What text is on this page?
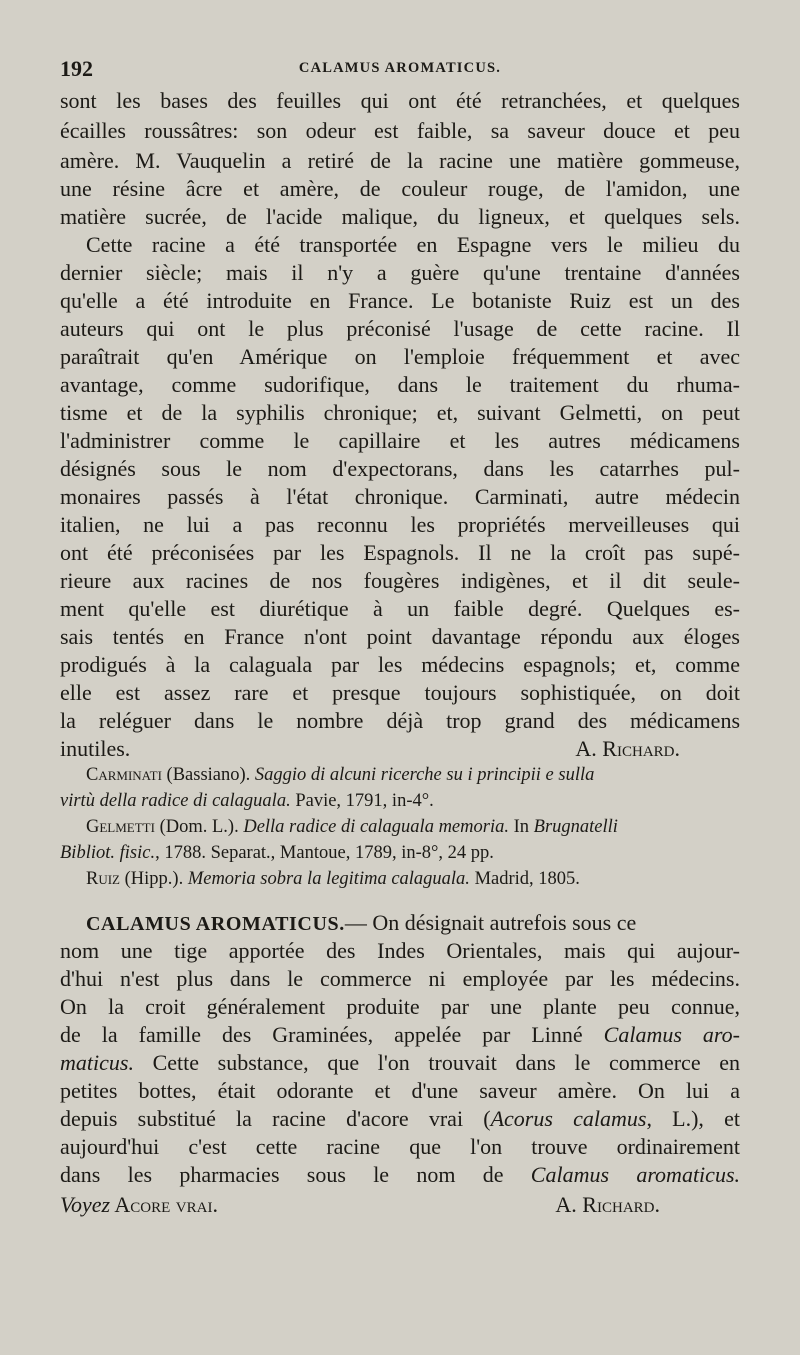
192	CALAMUS AROMATICUS.
sont les bases des feuilles qui ont été retranchées, et quelques
écailles roussâtres: son odeur est faible, sa saveur douce et peu
amère. M. Vauquelin a retiré de la racine une matière gommeuse,
une résine âcre et amère, de couleur rouge, de l'amidon, une
matière sucrée, de l'acide malique, du ligneux, et quelques sels.
Cette racine a été transportée en Espagne vers le milieu du
dernier siècle; mais il n'y a guère qu'une trentaine d'années
qu'elle a été introduite en France. Le botaniste Ruiz est un des
auteurs qui ont le plus préconisé l'usage de cette racine. Il
paraîtrait qu'en Amérique on l'emploie fréquemment et avec
avantage, comme sudorifique, dans le traitement du rhuma-
tisme et de la syphilis chronique; et, suivant Gelmetti, on peut
l'administrer comme le capillaire et les autres médicamens
désignés sous le nom d'expectorans, dans les catarrhes pul-
monaires passés à l'état chronique. Carminati, autre médecin
italien, ne lui a pas reconnu les propriétés merveilleuses qui
ont été préconisées par les Espagnols. Il ne la croît pas supé-
rieure aux racines de nos fougères indigènes, et il dit seule-
ment qu'elle est diurétique à un faible degré. Quelques es-
sais tentés en France n'ont point davantage répondu aux éloges
prodigués à la calaguala par les médecins espagnols; et, comme
elle est assez rare et presque toujours sophistiquée, on doit
la reléguer dans le nombre déjà trop grand des médicamens
inutiles.	A. Richard.
Carminati (Bassiano). Saggio di alcuni ricerche su i principii e sulla
virtù della radice di calaguala. Pavie, 1791, in-4°.
Gelmetti (Dom. L.). Della radice di calaguala memoria. In Brugnatelli
Bibliot. fisic., 1788. Separat., Mantoue, 1789, in-8°, 24 pp.
Ruiz (Hipp.). Memoria sobra la legitima calaguala. Madrid, 1805.
CALAMUS AROMATICUS.— On désignait autrefois sous ce
nom une tige apportée des Indes Orientales, mais qui aujour-
d'hui n'est plus dans le commerce ni employée par les médecins.
On la croit généralement produite par une plante peu connue,
de la famille des Graminées, appelée par Linné Calamus aro-
maticus. Cette substance, que l'on trouvait dans le commerce en
petites bottes, était odorante et d'une saveur amère. On lui a
depuis substitué la racine d'acore vrai (Acorus calamus, L.), et
aujourd'hui c'est cette racine que l'on trouve ordinairement
dans les pharmacies sous le nom de Calamus aromaticus.
Voyez Acore vrai.	A. Richard.
